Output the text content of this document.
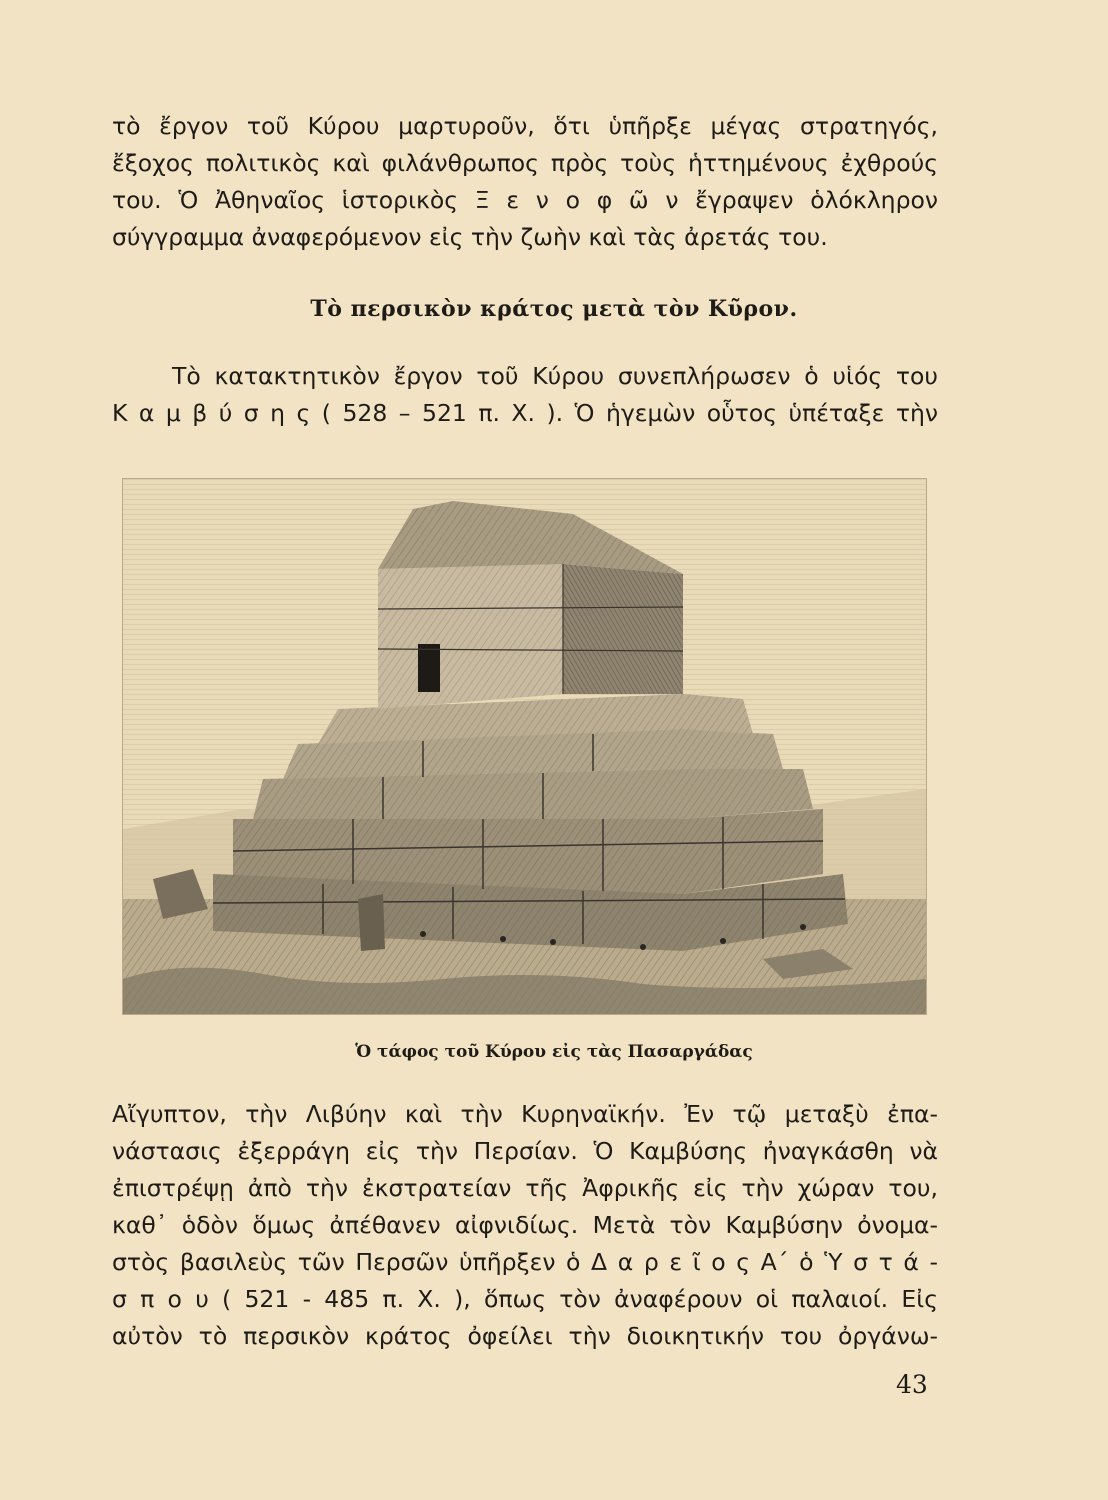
τὸ ἔργον τοῦ Κύρου μαρτυροῦν, ὅτι ὑπῆρξε μέγας στρατηγός,
ἔξοχος πολιτικὸς καὶ φιλάνθρωπος πρὸς τοὺς ἡττημένους ἐχθρούς
του. Ὁ Ἀθηναῖος ἱστορικὸς Ξ ε ν ο φ ῶ ν ἔγραψεν ὁλόκληρον
σύγγραμμα ἀναφερόμενον εἰς τὴν ζωὴν καὶ τὰς ἀρετάς του.
Τὸ περσικὸν κράτος μετὰ τὸν Κῦρον.
Τὸ κατακτητικὸν ἔργον τοῦ Κύρου συνεπλήρωσεν ὁ υἱός του
Κ α μ β ύ σ η ς ( 528 – 521 π. Χ. ). Ὁ ἡγεμὼν οὗτος ὑπέταξε τὴν
Ὁ τάφος τοῦ Κύρου εἰς τὰς Πασαργάδας
Αἴγυπτον, τὴν Λιβύην καὶ τὴν Κυρηναϊκήν. Ἐν τῷ μεταξὺ ἐπα-
νάστασις ἐξερράγη εἰς τὴν Περσίαν. Ὁ Καμβύσης ἠναγκάσθη νὰ
ἐπιστρέψῃ ἀπὸ τὴν ἐκστρατείαν τῆς Ἀφρικῆς εἰς τὴν χώραν του,
καθ᾿ ὁδὸν ὅμως ἀπέθανεν αἰφνιδίως. Μετὰ τὸν Καμβύσην ὀνομα-
στὸς βασιλεὺς τῶν Περσῶν ὑπῆρξεν ὁ Δ α ρ ε ῖ ο ς Α΄ ὁ Ὑ σ τ ά -
σ π ο υ ( 521 - 485 π. Χ. ), ὅπως τὸν ἀναφέρουν οἱ παλαιοί. Εἰς
αὐτὸν τὸ περσικὸν κράτος ὀφείλει τὴν διοικητικήν του ὀργάνω-
43
